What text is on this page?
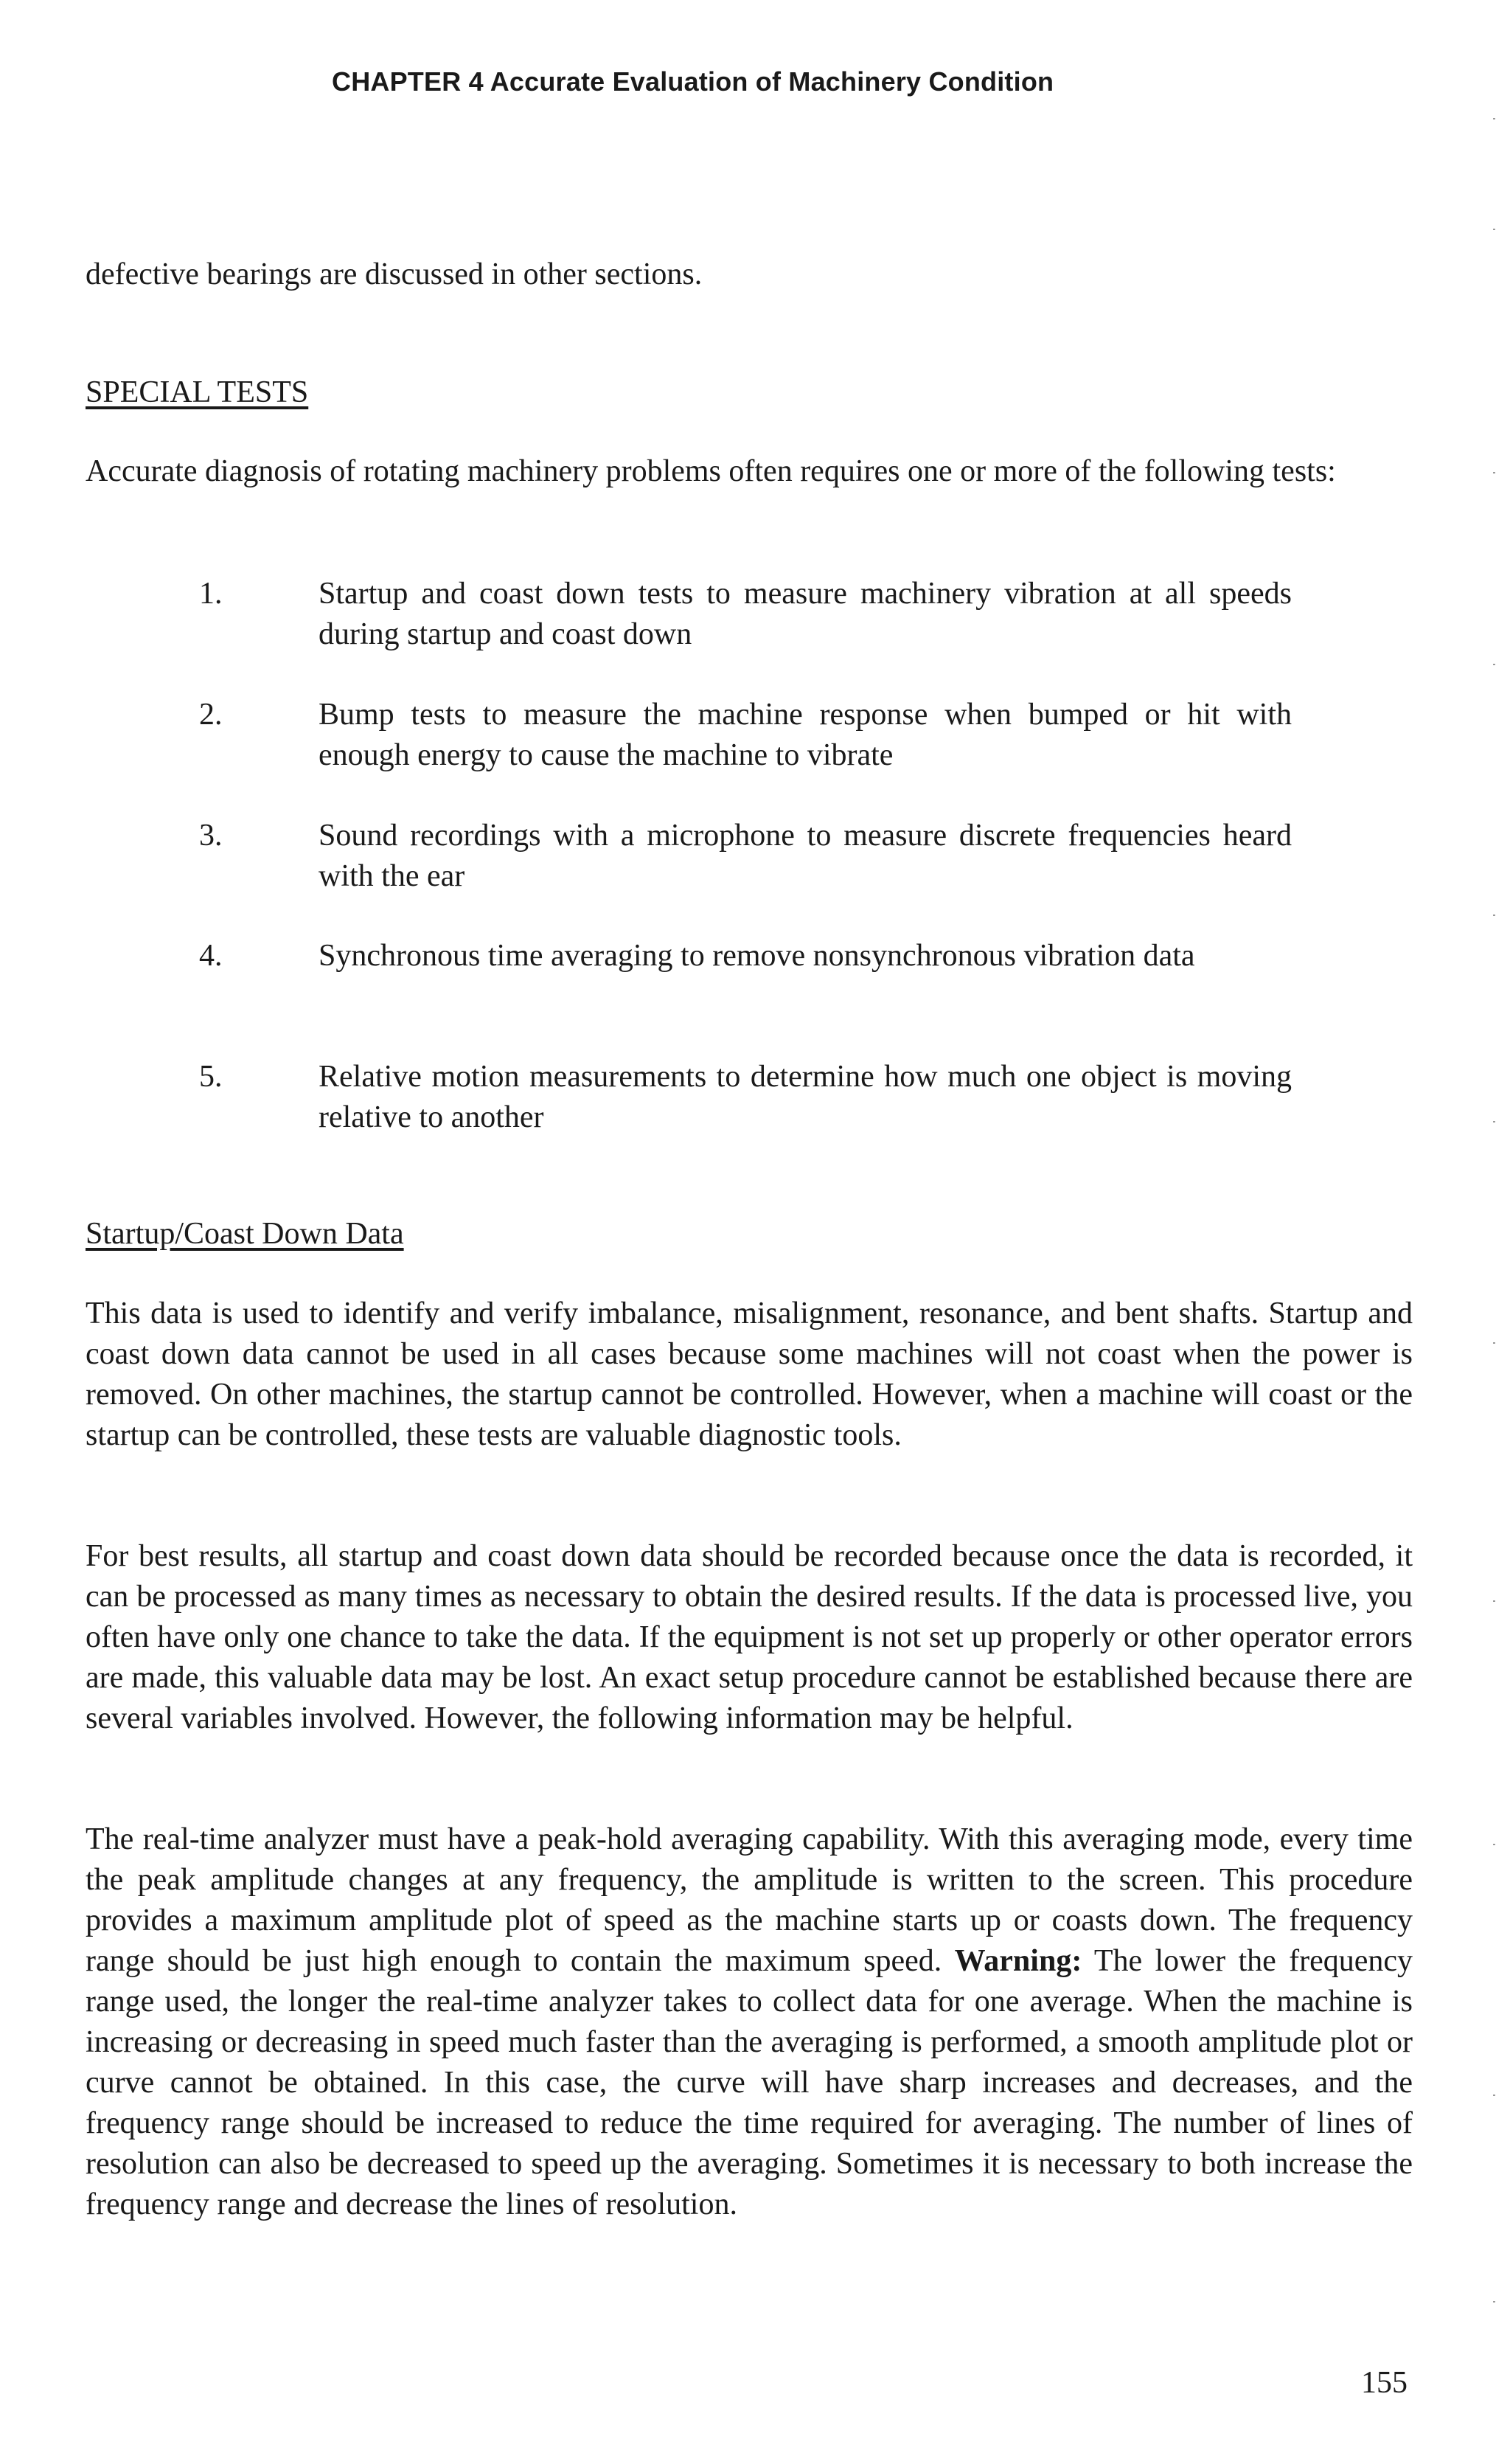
CHAPTER 4 Accurate Evaluation of Machinery Condition

defective bearings are discussed in other sections.

SPECIAL TESTS

Accurate diagnosis of rotating machinery problems often requires one or more of the following tests:

1.	Startup and coast down tests to measure machinery vibration at all speeds during startup and coast down

2.	Bump tests to measure the machine response when bumped or hit with enough energy to cause the machine to vibrate

3.	Sound recordings with a microphone to measure discrete frequencies heard with the ear

4.	Synchronous time averaging to remove nonsynchronous vibration data

5.	Relative motion measurements to determine how much one object is moving relative to another

Startup/Coast Down Data

This data is used to identify and verify imbalance, misalignment, resonance, and bent shafts. Startup and coast down data cannot be used in all cases because some machines will not coast when the power is removed. On other machines, the startup cannot be controlled. However, when a machine will coast or the startup can be controlled, these tests are valuable diagnostic tools.

For best results, all startup and coast down data should be recorded because once the data is recorded, it can be processed as many times as necessary to obtain the desired results. If the data is processed live, you often have only one chance to take the data. If the equipment is not set up properly or other operator errors are made, this valuable data may be lost. An exact setup procedure cannot be established because there are several variables involved. However, the following information may be helpful.

The real-time analyzer must have a peak-hold averaging capability. With this averaging mode, every time the peak amplitude changes at any frequency, the amplitude is written to the screen. This procedure provides a maximum amplitude plot of speed as the machine starts up or coasts down. The frequency range should be just high enough to contain the maximum speed. Warning: The lower the frequency range used, the longer the real-time analyzer takes to collect data for one average. When the machine is increasing or decreasing in speed much faster than the averaging is performed, a smooth amplitude plot or curve cannot be obtained. In this case, the curve will have sharp increases and decreases, and the frequency range should be increased to reduce the time required for averaging. The number of lines of resolution can also be decreased to speed up the averaging. Sometimes it is necessary to both increase the frequency range and decrease the lines of resolution.

155
